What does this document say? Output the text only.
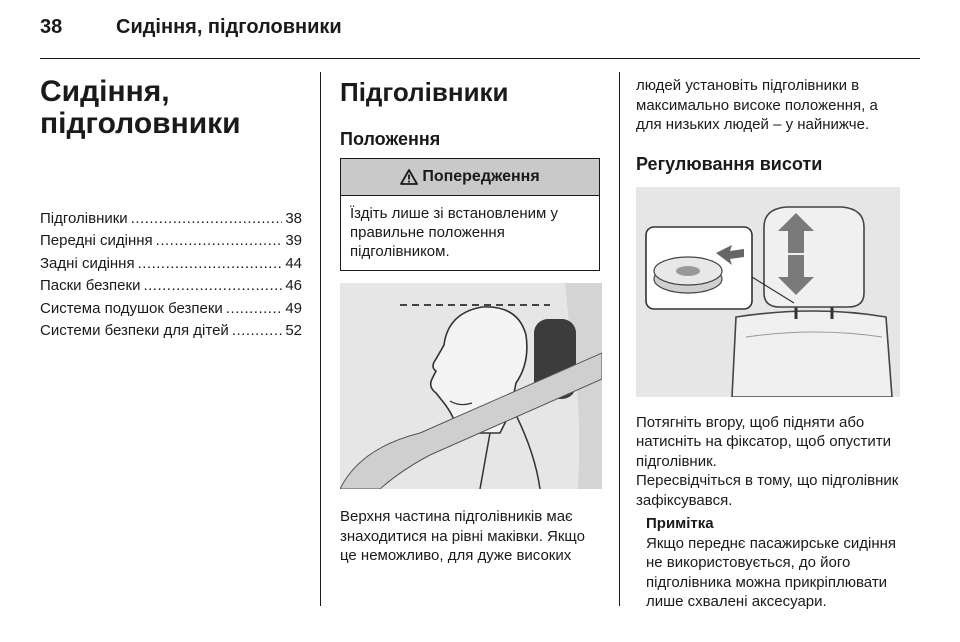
38	Сидіння, підголовники
Сидіння,
підголовники
Підголівники .....	38
Передні сидіння .....	39
Задні сидіння .....	44
Паски безпеки .....	46
Система подушок безпеки .....	49
Системи безпеки для дітей .....	52
Підголівники
Положення
Попередження
Їздіть лише зі встановленим у правильне положення підголівником.

Верхня частина підголівників має знаходитися на рівні маківки. Якщо це неможливо, для дуже високих

людей установіть підголівники в максимально високе положення, а для низьких людей – у найнижче.

Регулювання висоти

Потягніть вгору, щоб підняти або натисніть на фіксатор, щоб опустити підголівник.

Пересвідчіться в тому, що підголівник зафіксувався.

Примітка

Якщо переднє пасажирське сидіння не використовується, до його підголівника можна прикріплювати лише схвалені аксесуари.
